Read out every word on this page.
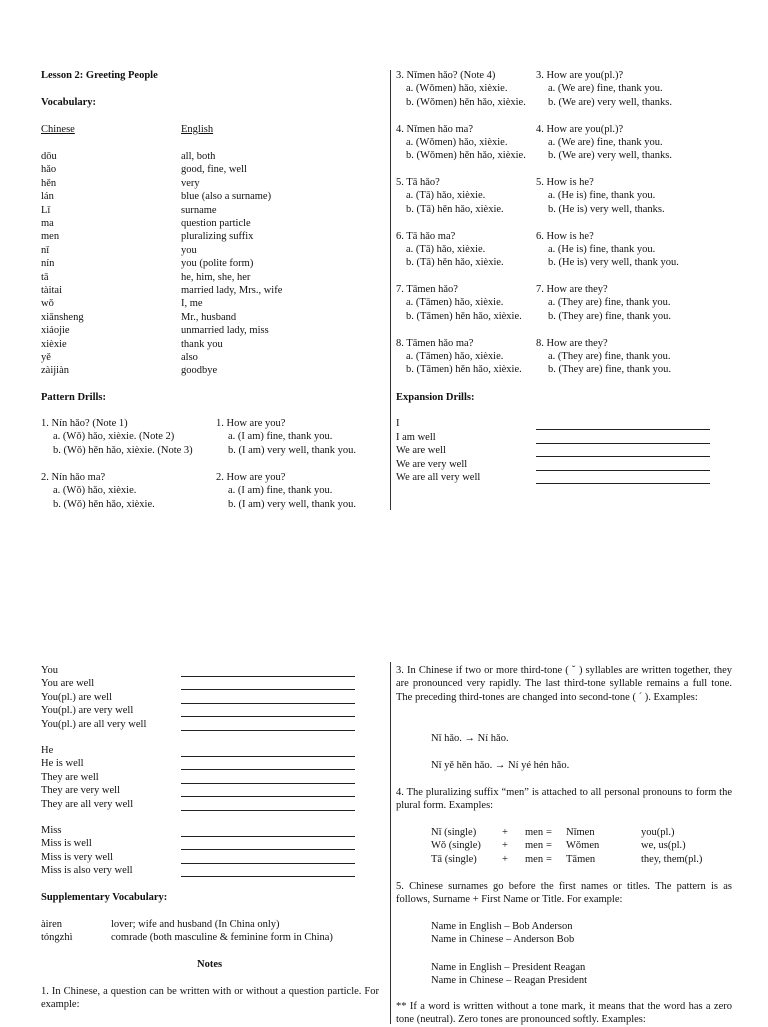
Lesson 2: Greeting People
Vocabulary:
Chinese	English
dōu	all, both
hǎo	good, fine, well
hěn	very
lán	blue (also a surname)
Lǐ	surname
ma	question particle
men	pluralizing suffix
nǐ	you
nín	you (polite form)
tā	he, him, she, her
tàitai	married lady, Mrs., wife
wǒ	I, me
xiānsheng	Mr., husband
xiáojie	unmarried lady, miss
xièxie	thank you
yě	also
zàijiàn	goodbye
Pattern Drills:
1. Nín hǎo? (Note 1)
a. (Wǒ) hǎo, xièxie. (Note 2)
b. (Wǒ) hěn hǎo, xièxie. (Note 3)
1. How are you?
a. (I am) fine, thank you.
b. (I am) very well, thank you.
2. Nín hǎo ma?
a. (Wǒ) hǎo, xièxie.
b. (Wǒ) hěn hǎo, xièxie.
2. How are you?
a. (I am) fine, thank you.
b. (I am) very well, thank you.
3. Nǐmen hǎo? (Note 4)
a. (Wǒmen) hǎo, xièxie.
b. (Wǒmen) hěn hǎo, xièxie.
3. How are you(pl.)?
a. (We are) fine, thank you.
b. (We are) very well, thanks.
4. Nǐmen hǎo ma?
a. (Wǒmen) hǎo, xièxie.
b. (Wǒmen) hěn hǎo, xièxie.
4. How are you(pl.)?
a. (We are) fine, thank you.
b. (We are) very well, thanks.
5. Tā hǎo?
a. (Tā) hǎo, xièxie.
b. (Tā) hěn hǎo, xièxie.
5. How is he?
a. (He is) fine, thank you.
b. (He is) very well, thanks.
6. Tā hǎo ma?
a. (Tā) hǎo, xièxie.
b. (Tā) hěn hǎo, xièxie.
6. How is he?
a. (He is) fine, thank you.
b. (He is) very well, thank you.
7. Tāmen hǎo?
a. (Tāmen) hǎo, xièxie.
b. (Tāmen) hěn hǎo, xièxie.
7. How are they?
a. (They are) fine, thank you.
b. (They are) fine, thank you.
8. Tāmen hǎo ma?
a. (Tāmen) hǎo, xièxie.
b. (Tāmen) hěn hǎo, xièxie.
8. How are they?
a. (They are) fine, thank you.
b. (They are) fine, thank you.
Expansion Drills:
I
I am well
We are well
We are very well
We are all very well
You
You are well
You(pl.) are well
You(pl.) are very well
You(pl.) are all very well
He
He is well
They are well
They are very well
They are all very well
Miss
Miss is well
Miss is very well
Miss is also very well
Supplementary Vocabulary:
àiren	lover; wife and husband (In China only)
tóngzhì	comrade (both masculine & feminine form in China)
Notes
1. In Chinese, a question can be written with or without a question particle. For example:
3. In Chinese if two or more third-tone ( ˇ ) syllables are written together, they are pronounced very rapidly. The last third-tone syllable remains a full tone. The preceding third-tones are changed into second-tone ( ˊ ). Examples:
Nǐ hǎo. → Ní hǎo.
Nǐ yě hěn hǎo. → Ní yé hén hǎo.
4. The pluralizing suffix “men” is attached to all personal pronouns to form the plural form. Examples:
Nǐ (single) + men = Nǐmen	you(pl.)
Wǒ (single) + men = Wǒmen	we, us(pl.)
Tā (single) + men = Tāmen	they, them(pl.)
5. Chinese surnames go before the first names or titles. The pattern is as follows, Surname + First Name or Title. For example:
Name in English – Bob Anderson
Name in Chinese – Anderson Bob
Name in English – President Reagan
Name in Chinese – Reagan President
** If a word is written without a tone mark, it means that the word has a zero tone (neutral). Zero tones are pronounced softly. Examples:
